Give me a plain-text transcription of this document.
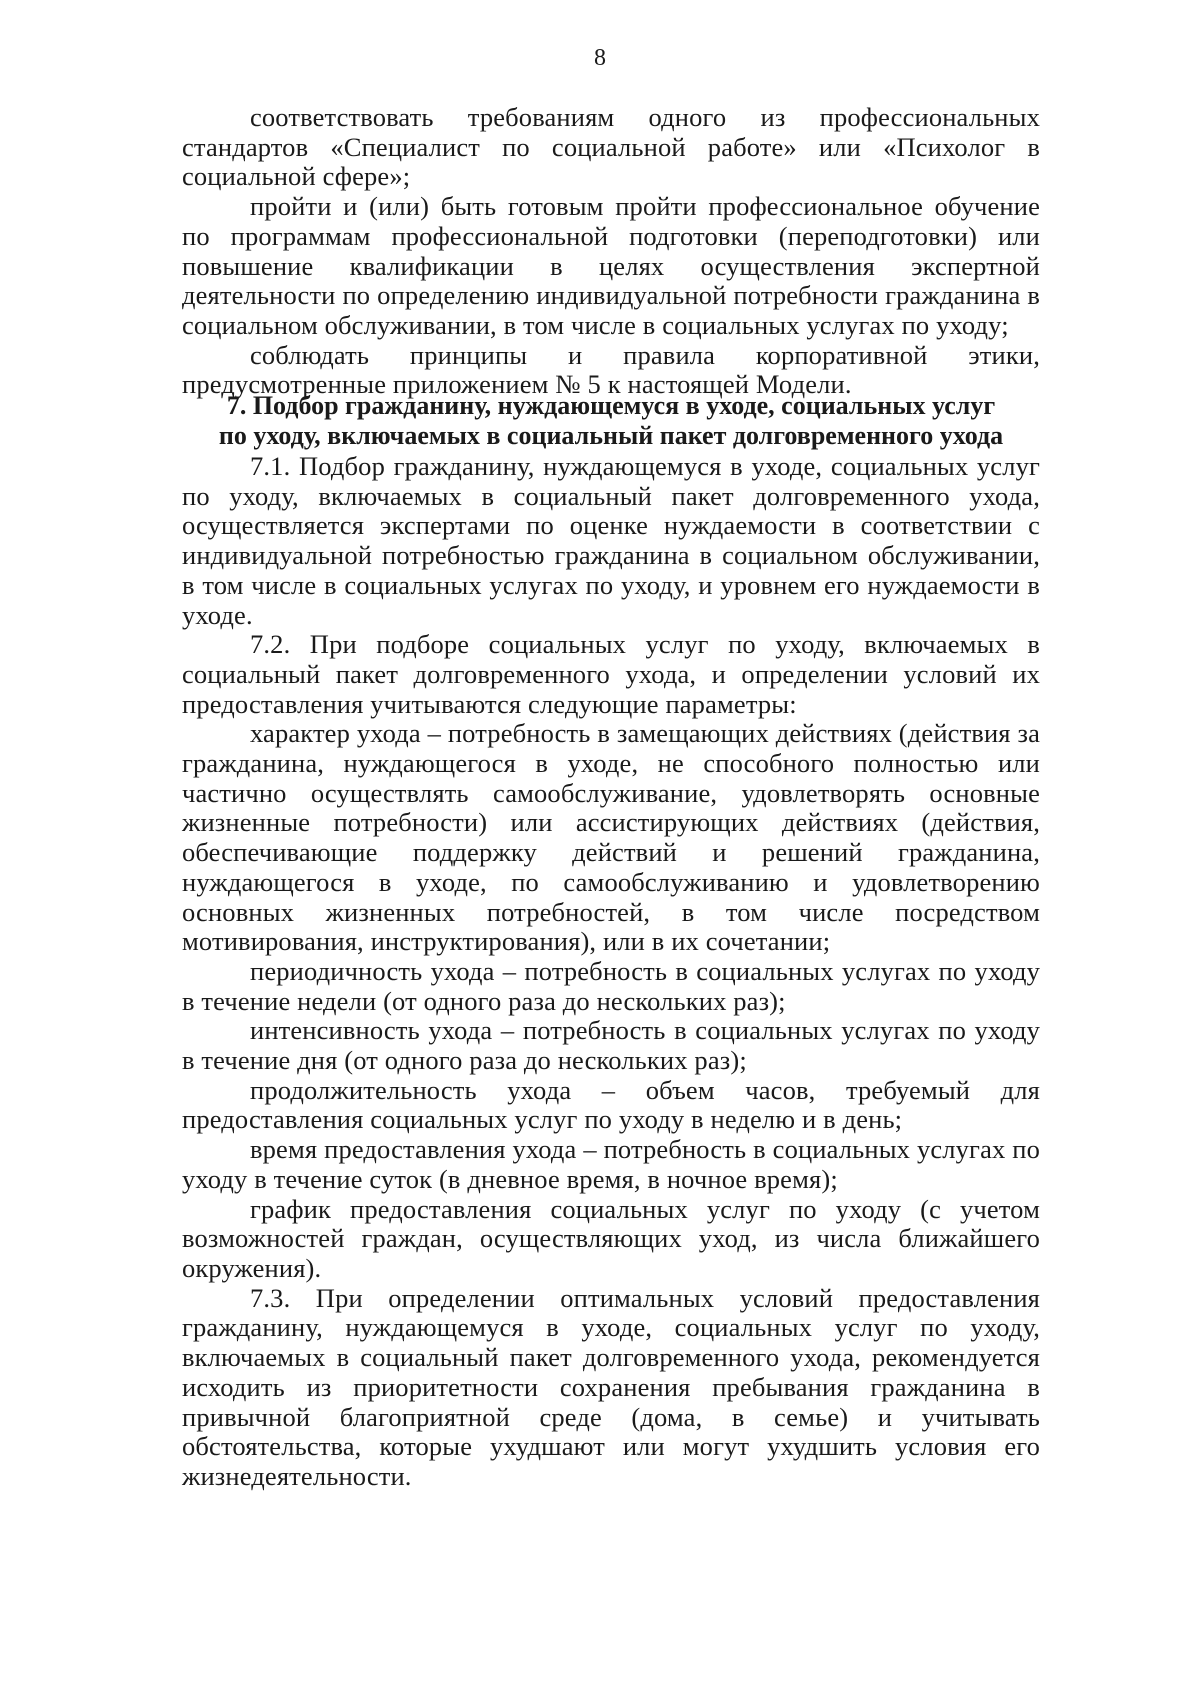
8

соответствовать требованиям одного из профессиональных стандартов «Специалист по социальной работе» или «Психолог в социальной сфере»;

пройти и (или) быть готовым пройти профессиональное обучение по программам профессиональной подготовки (переподготовки) или повышение квалификации в целях осуществления экспертной деятельности по определению индивидуальной потребности гражданина в социальном обслуживании, в том числе в социальных услугах по уходу;

соблюдать принципы и правила корпоративной этики, предусмотренные приложением № 5 к настоящей Модели.

7. Подбор гражданину, нуждающемуся в уходе, социальных услуг
по уходу, включаемых в социальный пакет долговременного ухода

7.1. Подбор гражданину, нуждающемуся в уходе, социальных услуг по уходу, включаемых в социальный пакет долговременного ухода, осуществляется экспертами по оценке нуждаемости в соответствии с индивидуальной потребностью гражданина в социальном обслуживании, в том числе в социальных услугах по уходу, и уровнем его нуждаемости в уходе.

7.2. При подборе социальных услуг по уходу, включаемых в социальный пакет долговременного ухода, и определении условий их предоставления учитываются следующие параметры:

характер ухода – потребность в замещающих действиях (действия за гражданина, нуждающегося в уходе, не способного полностью или частично осуществлять самообслуживание, удовлетворять основные жизненные потребности) или ассистирующих действиях (действия, обеспечивающие поддержку действий и решений гражданина, нуждающегося в уходе, по самообслуживанию и удовлетворению основных жизненных потребностей, в том числе посредством мотивирования, инструктирования), или в их сочетании;

периодичность ухода – потребность в социальных услугах по уходу в течение недели (от одного раза до нескольких раз);

интенсивность ухода – потребность в социальных услугах по уходу в течение дня (от одного раза до нескольких раз);

продолжительность ухода – объем часов, требуемый для предоставления социальных услуг по уходу в неделю и в день;

время предоставления ухода – потребность в социальных услугах по уходу в течение суток (в дневное время, в ночное время);

график предоставления социальных услуг по уходу (с учетом возможностей граждан, осуществляющих уход, из числа ближайшего окружения).

7.3. При определении оптимальных условий предоставления гражданину, нуждающемуся в уходе, социальных услуг по уходу, включаемых в социальный пакет долговременного ухода, рекомендуется исходить из приоритетности сохранения пребывания гражданина в привычной благоприятной среде (дома, в семье) и учитывать обстоятельства, которые ухудшают или могут ухудшить условия его жизнедеятельности.
